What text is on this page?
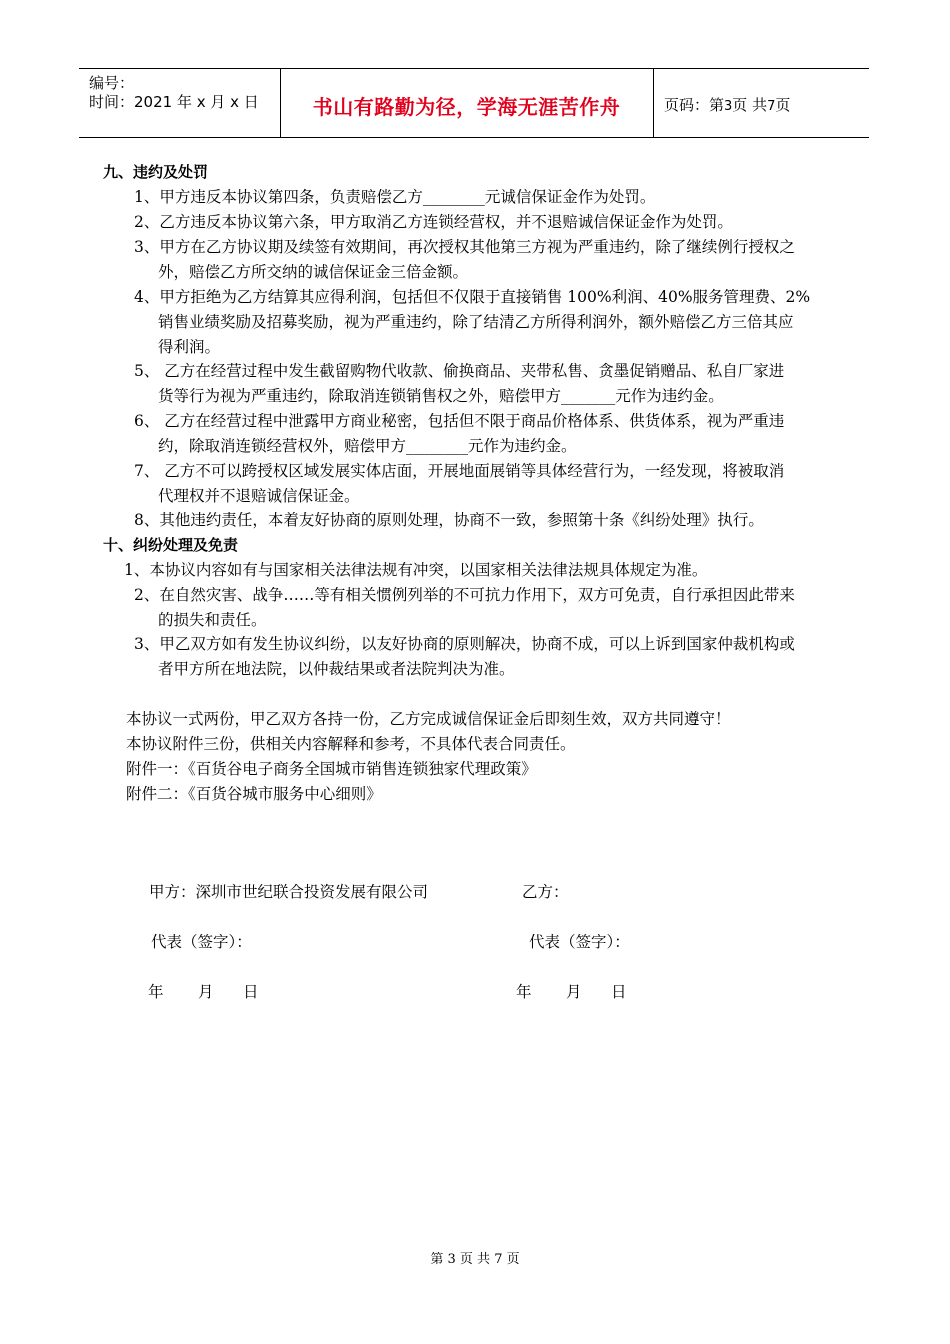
编号：
时间：2021 年 x 月 x 日	书山有路勤为径，学海无涯苦作舟	页码：第3页 共7页
九、违约及处罚
1、甲方违反本协议第四条，负责赔偿乙方________元诚信保证金作为处罚。
2、乙方违反本协议第六条，甲方取消乙方连锁经营权，并不退赔诚信保证金作为处罚。
3、甲方在乙方协议期及续签有效期间，再次授权其他第三方视为严重违约，除了继续例行授权之
外，赔偿乙方所交纳的诚信保证金三倍金额。
4、甲方拒绝为乙方结算其应得利润，包括但不仅限于直接销售 100%利润、40%服务管理费、2%
销售业绩奖励及招募奖励，视为严重违约，除了结清乙方所得利润外，额外赔偿乙方三倍其应
得利润。
5、 乙方在经营过程中发生截留购物代收款、偷换商品、夹带私售、贪墨促销赠品、私自厂家进
货等行为视为严重违约，除取消连锁销售权之外，赔偿甲方_______元作为违约金。
6、 乙方在经营过程中泄露甲方商业秘密，包括但不限于商品价格体系、供货体系，视为严重违
约，除取消连锁经营权外，赔偿甲方________元作为违约金。
7、 乙方不可以跨授权区域发展实体店面，开展地面展销等具体经营行为，一经发现，将被取消
代理权并不退赔诚信保证金。
8、其他违约责任，本着友好协商的原则处理，协商不一致，参照第十条《纠纷处理》执行。
十、纠纷处理及免责
1、本协议内容如有与国家相关法律法规有冲突，以国家相关法律法规具体规定为准。
2、在自然灾害、战争……等有相关惯例列举的不可抗力作用下，双方可免责，自行承担因此带来
的损失和责任。
3、甲乙双方如有发生协议纠纷，以友好协商的原则解决，协商不成，可以上诉到国家仲裁机构或
者甲方所在地法院，以仲裁结果或者法院判决为准。
本协议一式两份，甲乙双方各持一份，乙方完成诚信保证金后即刻生效，双方共同遵守！
本协议附件三份，供相关内容解释和参考，不具体代表合同责任。
附件一：《百货谷电子商务全国城市销售连锁独家代理政策》
附件二：《百货谷城市服务中心细则》
甲方：深圳市世纪联合投资发展有限公司	乙方：
代表（签字）：	代表（签字）：
年       月      日	年       月      日
第 3 页 共 7 页
